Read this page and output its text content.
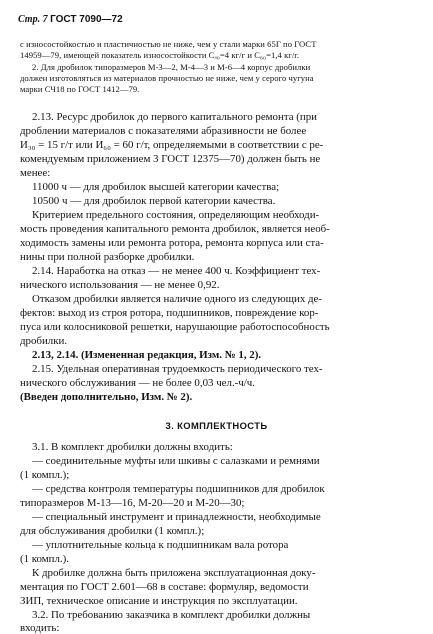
Стр. 7 ГОСТ 7090—72
с износостойкостью и пластичностью не ниже, чем у стали марки 65Г по ГОСТ
14959—79, имеющей показатель износостойкости Сₐ₀=4 кг/г и С₆₀=1,4 кг/г.
2. Для дробилок типоразмеров М-3—2, М-4—3 и М-6—4 корпус дробилки
должен изготовляться из материалов прочностью не ниже, чем у серого чугуна
марки СЧ18 по ГОСТ 1412—79.
2.13. Ресурс дробилок до первого капитального ремонта (при
дроблении материалов с показателями абразивности не более
И₃₀ = 15 г/т или И₆₀ = 60 г/т, определяемыми в соответствии с ре-
комендуемым приложением 3 ГОСТ 12375—70) должен быть не
менее:
11000 ч — для дробилок высшей категории качества;
10500 ч — для дробилок первой категории качества.
Критерием предельного состояния, определяющим необходи-
мость проведения капитального ремонта дробилок, является необ-
ходимость замены или ремонта ротора, ремонта корпуса или ста-
нины при полной разборке дробилки.
2.14. Наработка на отказ — не менее 400 ч. Коэффициент тех-
нического использования — не менее 0,92.
Отказом дробилки является наличие одного из следующих де-
фектов: выход из строя ротора, подшипников, повреждение кор-
пуса или колосниковой решетки, нарушающие работоспособность
дробилки.
2.13, 2.14. (Измененная редакция, Изм. № 1, 2).
2.15. Удельная оперативная трудоемкость периодического тех-
нического обслуживания — не более 0,03 чел.-ч/ч.
(Введен дополнительно, Изм. № 2).
3. КОМПЛЕКТНОСТЬ
3.1. В комплект дробилки должны входить:
— соединительные муфты или шкивы с салазками и ремнями
(1 компл.);
— средства контроля температуры подшипников для дробилок
типоразмеров М-13—16, М-20—20 и М-20—30;
— специальный инструмент и принадлежности, необходимые
для обслуживания дробилки (1 компл.);
— уплотнительные кольца к подшипникам вала ротора
(1 компл.).
К дробилке должна быть приложена эксплуатационная доку-
ментация по ГОСТ 2.601—68 в составе: формуляр, ведомости
ЗИП, техническое описание и инструкция по эксплуатации.
3.2. По требованию заказчика в комплект дробилки должны
входить:
